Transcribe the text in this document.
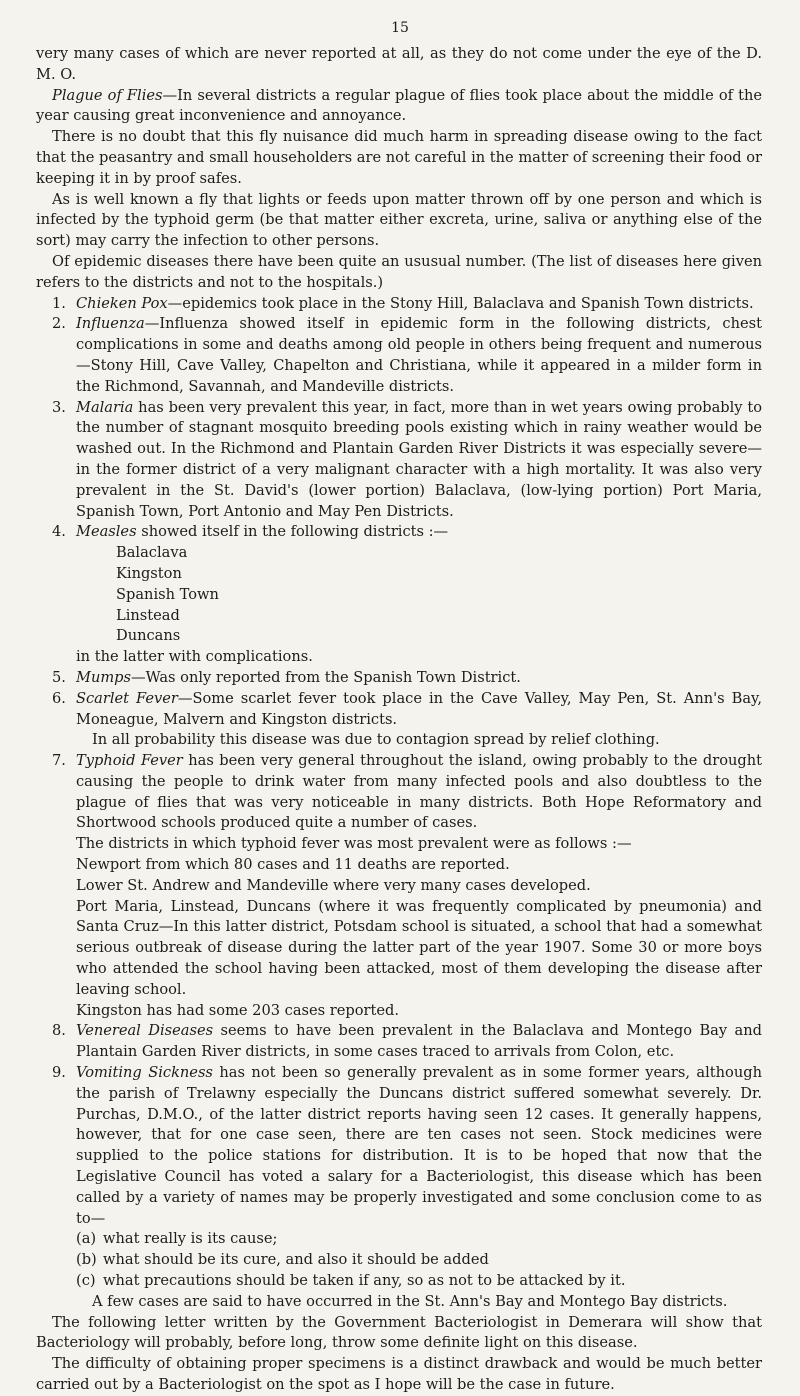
15

very many cases of which are never reported at all, as they do not come under the eye of the D. M. O.

Plague of Flies—In several districts a regular plague of flies took place about the middle of the year causing great inconvenience and annoyance.

There is no doubt that this fly nuisance did much harm in spreading disease owing to the fact that the peasantry and small householders are not careful in the matter of screening their food or keeping it in by proof safes.

As is well known a fly that lights or feeds upon matter thrown off by one person and which is infected by the typhoid germ (be that matter either excreta, urine, saliva or anything else of the sort) may carry the infection to other persons.

Of epidemic diseases there have been quite an ususual number. (The list of diseases here given refers to the districts and not to the hospitals.)

1. Chieken Pox—epidemics took place in the Stony Hill, Balaclava and Spanish Town districts.
2. Influenza—Influenza showed itself in epidemic form in the following districts, chest complications in some and deaths among old people in others being frequent and numerous—Stony Hill, Cave Valley, Chapelton and Christiana, while it appeared in a milder form in the Richmond, Savannah, and Mandeville districts.
3. Malaria has been very prevalent this year, in fact, more than in wet years owing probably to the number of stagnant mosquito breeding pools existing which in rainy weather would be washed out. In the Richmond and Plantain Garden River Districts it was especially severe—in the former district of a very malignant character with a high mortality. It was also very prevalent in the St. David's (lower portion) Balaclava, (low-lying portion) Port Maria, Spanish Town, Port Antonio and May Pen Districts.
4. Measles showed itself in the following districts :—
Balaclava
Kingston
Spanish Town
Linstead
Duncans
in the latter with complications.
5. Mumps—Was only reported from the Spanish Town District.
6. Scarlet Fever—Some scarlet fever took place in the Cave Valley, May Pen, St. Ann's Bay, Moneague, Malvern and Kingston districts.
In all probability this disease was due to contagion spread by relief clothing.
7. Typhoid Fever has been very general throughout the island, owing probably to the drought causing the people to drink water from many infected pools and also doubtless to the plague of flies that was very noticeable in many districts. Both Hope Reformatory and Shortwood schools produced quite a number of cases.
The districts in which typhoid fever was most prevalent were as follows :—
Newport from which 80 cases and 11 deaths are reported.
Lower St. Andrew and Mandeville where very many cases developed.
Port Maria, Linstead, Duncans (where it was frequently complicated by pneumonia) and Santa Cruz—In this latter district, Potsdam school is situated, a school that had a somewhat serious outbreak of disease during the latter part of the year 1907. Some 30 or more boys who attended the school having been attacked, most of them developing the disease after leaving school.
Kingston has had some 203 cases reported.
8. Venereal Diseases seems to have been prevalent in the Balaclava and Montego Bay and Plantain Garden River districts, in some cases traced to arrivals from Colon, etc.
9. Vomiting Sickness has not been so generally prevalent as in some former years, although the parish of Trelawny especially the Duncans district suffered somewhat severely. Dr. Purchas, D.M.O., of the latter district reports having seen 12 cases. It generally happens, however, that for one case seen, there are ten cases not seen. Stock medicines were supplied to the police stations for distribution. It is to be hoped that now that the Legislative Council has voted a salary for a Bacteriologist, this disease which has been called by a variety of names may be properly investigated and some conclusion come to as to—
(a) what really is its cause;
(b) what should be its cure, and also it should be added
(c) what precautions should be taken if any, so as not to be attacked by it.
A few cases are said to have occurred in the St. Ann's Bay and Montego Bay districts.

The following letter written by the Government Bacteriologist in Demerara will show that Bacteriology will probably, before long, throw some definite light on this disease.

The difficulty of obtaining proper specimens is a distinct drawback and would be much better carried out by a Bacteriologist on the spot as I hope will be the case in future.
